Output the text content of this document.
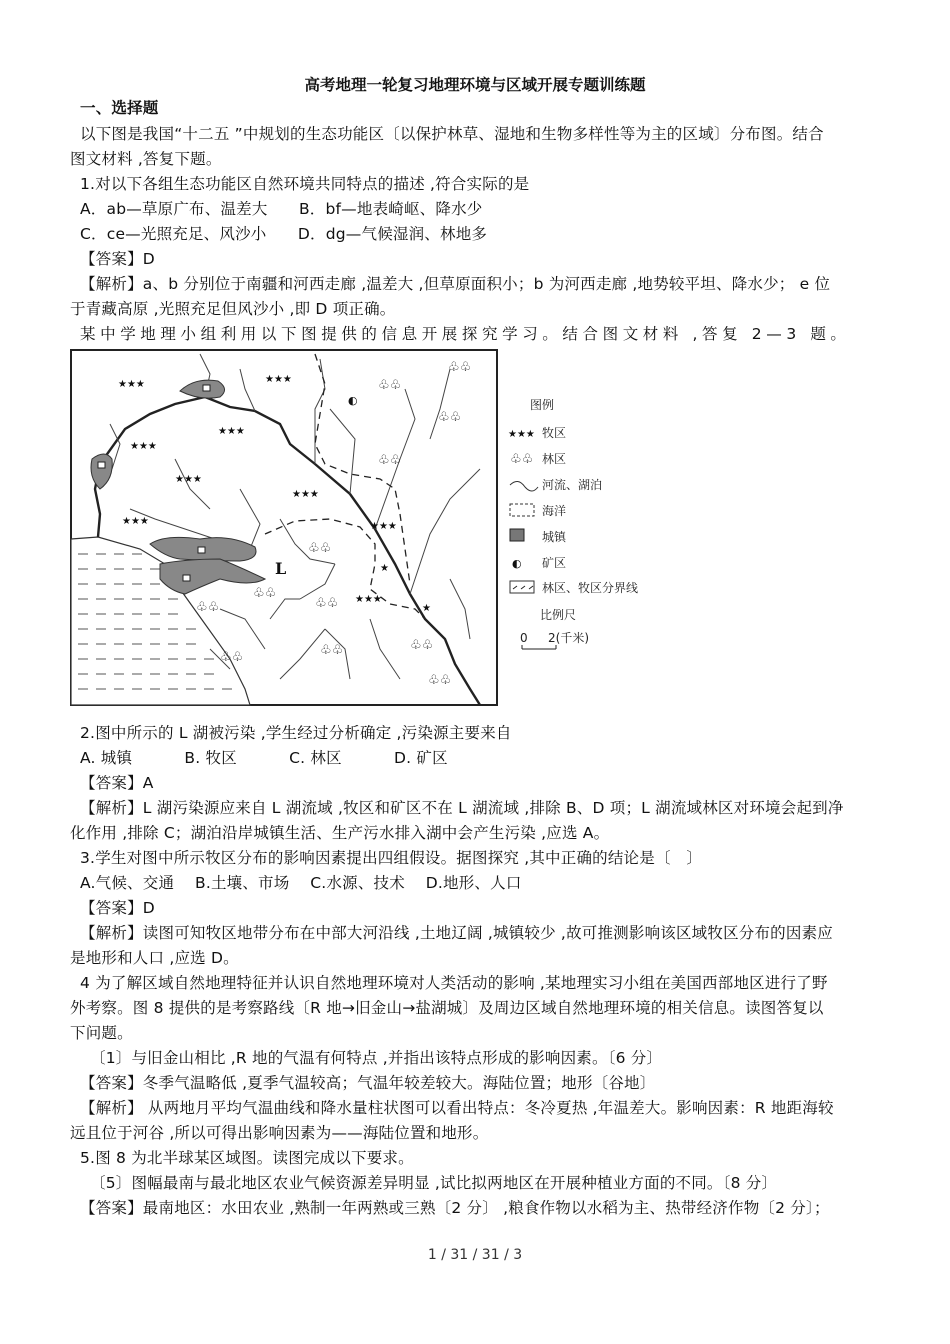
高考地理一轮复习地理环境与区域开展专题训练题
一、选择题
以下图是我国“十二五 ”中规划的生态功能区〔以保护林草、湿地和生物多样性等为主的区域〕分布图。结合
图文材料 ,答复下题。
1.对以下各组生态功能区自然环境共同特点的描述 ,符合实际的是
A．ab—草原广布、温差大　　B．bf—地表崎岖、降水少
C．ce—光照充足、风沙小　　D．dg—气候湿润、林地多
【答案】D
【解析】a、b 分别位于南疆和河西走廊 ,温差大 ,但草原面积小；b 为河西走廊 ,地势较平坦、降水少； e 位
于青藏高原 ,光照充足但风沙小 ,即 D 项正确。
某中学地理小组利用以下图提供的信息开展探究学习。结合图文材料 ,答复 2—3 题。
L
★★★	★★★
★★★
★★★
★★★
★★★
★★★
★★★
★★★
★
★
♧♧
♧♧
♧♧
♧♧
♧♧
♧♧
♧♧
♧♧
♧♧	♧♧	♧♧
♧♧
◐	图例
★★★ 牧区
♧♧ 林区
河流、湖泊
海洋
城镇
◐ 矿区
林区、牧区分界线
比例尺
0 2(千米)
2.图中所示的 L 湖被污染 ,学生经过分析确定 ,污染源主要来自
A. 城镇　　　 B. 牧区　　　 C. 林区　　　 D. 矿区
【答案】A
【解析】L 湖污染源应来自 L 湖流域 ,牧区和矿区不在 L 湖流域 ,排除 B、D 项；L 湖流域林区对环境会起到净
化作用 ,排除 C；湖泊沿岸城镇生活、生产污水排入湖中会产生污染 ,应选 A。
3.学生对图中所示牧区分布的影响因素提出四组假设。据图探究 ,其中正确的结论是〔　〕
A.气候、交通　 B.土壤、市场　 C.水源、技术　 D.地形、人口
【答案】D
【解析】读图可知牧区地带分布在中部大河沿线 ,土地辽阔 ,城镇较少 ,故可推测影响该区域牧区分布的因素应
是地形和人口 ,应选 D。
4 为了解区域自然地理特征并认识自然地理环境对人类活动的影响 ,某地理实习小组在美国西部地区进行了野
外考察。图 8 提供的是考察路线〔R 地→旧金山→盐湖城〕及周边区域自然地理环境的相关信息。读图答复以
下问题。
〔1〕与旧金山相比 ,R 地的气温有何特点 ,并指出该特点形成的影响因素。〔6 分〕
【答案】冬季气温略低 ,夏季气温较高；气温年较差较大。海陆位置；地形〔谷地〕
【解析】 从两地月平均气温曲线和降水量柱状图可以看出特点：冬冷夏热 ,年温差大。影响因素：R 地距海较
远且位于河谷 ,所以可得出影响因素为——海陆位置和地形。
5.图 8 为北半球某区域图。读图完成以下要求。
〔5〕图幅最南与最北地区农业气候资源差异明显 ,试比拟两地区在开展种植业方面的不同。〔8 分〕
【答案】最南地区：水田农业 ,熟制一年两熟或三熟〔2 分〕 ,粮食作物以水稻为主、热带经济作物〔2 分〕；
1 / 31 / 31 / 3
